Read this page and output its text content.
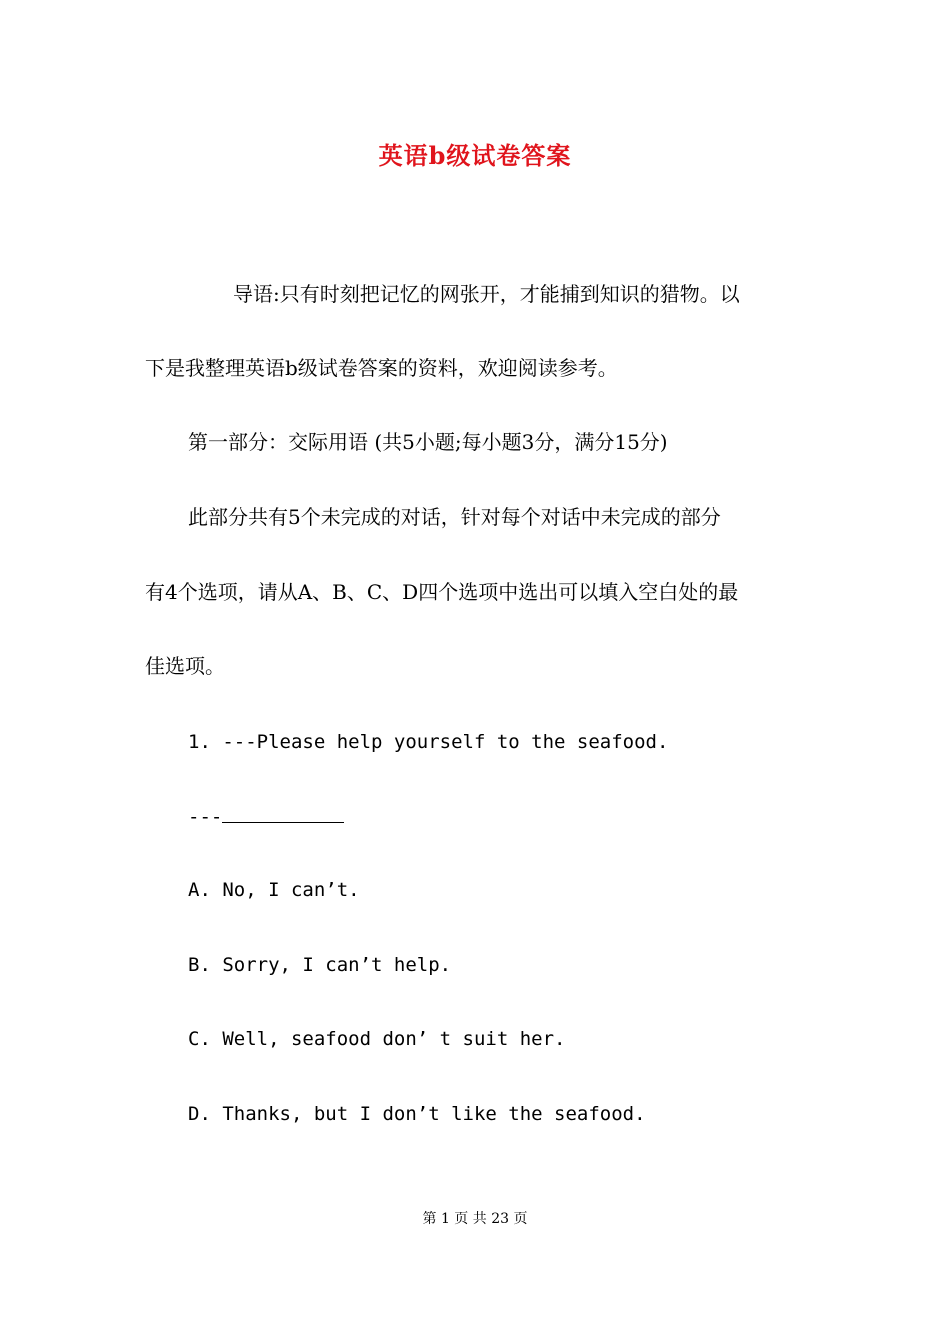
英语b级试卷答案
导语:只有时刻把记忆的网张开，才能捕到知识的猎物。以
下是我整理英语b级试卷答案的资料，欢迎阅读参考。
第一部分：交际用语 (共5小题;每小题3分，满分15分)
此部分共有5个未完成的对话，针对每个对话中未完成的部分
有4个选项，请从A、B、C、D四个选项中选出可以填入空白处的最
佳选项。
1. ---Please help yourself to the seafood.
---
A. No, I can’t.
B. Sorry, I can’t help.
C. Well, seafood don’ t suit her.
D. Thanks, but I don’t like the seafood.
第 1 页 共 23 页
